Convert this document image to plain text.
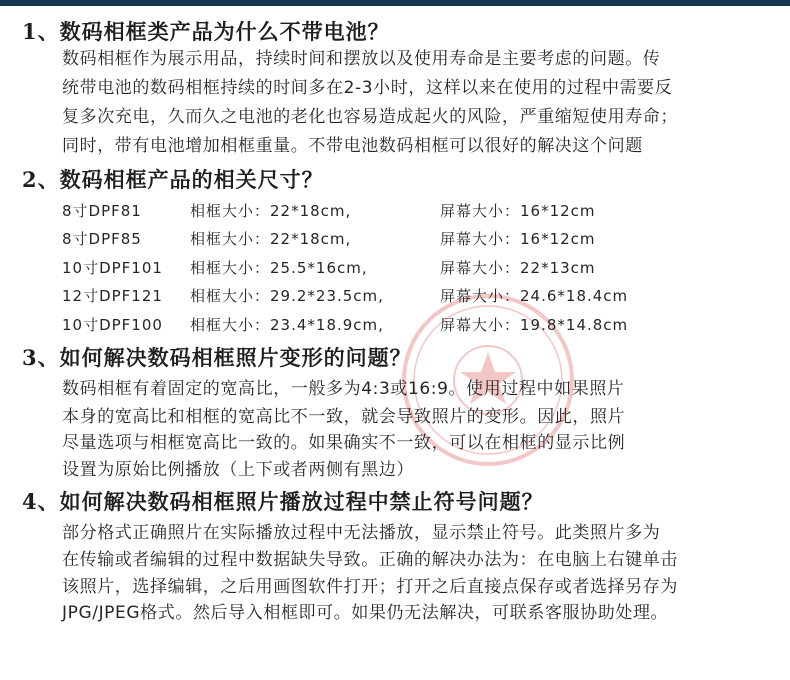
1、数码相框类产品为什么不带电池？
数码相框作为展示用品，持续时间和摆放以及使用寿命是主要考虑的问题。传
统带电池的数码相框持续的时间多在2-3小时，这样以来在使用的过程中需要反
复多次充电，久而久之电池的老化也容易造成起火的风险，严重缩短使用寿命；
同时，带有电池增加相框重量。不带电池数码相框可以很好的解决这个问题
2、数码相框产品的相关尺寸？
8寸DPF81	相框大小：22*18cm,	屏幕大小：16*12cm
8寸DPF85	相框大小：22*18cm,	屏幕大小：16*12cm
10寸DPF101 相框大小：25.5*16cm,	屏幕大小：22*13cm
12寸DPF121 相框大小：29.2*23.5cm,	屏幕大小：24.6*18.4cm
10寸DPF100 相框大小：23.4*18.9cm,	屏幕大小：19.8*14.8cm
3、如何解决数码相框照片变形的问题？
数码相框有着固定的宽高比，一般多为4:3或16:9。使用过程中如果照片
本身的宽高比和相框的宽高比不一致，就会导致照片的变形。因此，照片
尽量选项与相框宽高比一致的。如果确实不一致，可以在相框的显示比例
设置为原始比例播放（上下或者两侧有黑边）
4、如何解决数码相框照片播放过程中禁止符号问题？
部分格式正确照片在实际播放过程中无法播放，显示禁止符号。此类照片多为
在传输或者编辑的过程中数据缺失导致。正确的解决办法为：在电脑上右键单击
该照片，选择编辑，之后用画图软件打开；打开之后直接点保存或者选择另存为
JPG/JPEG格式。然后导入相框即可。如果仍无法解决，可联系客服协助处理。
